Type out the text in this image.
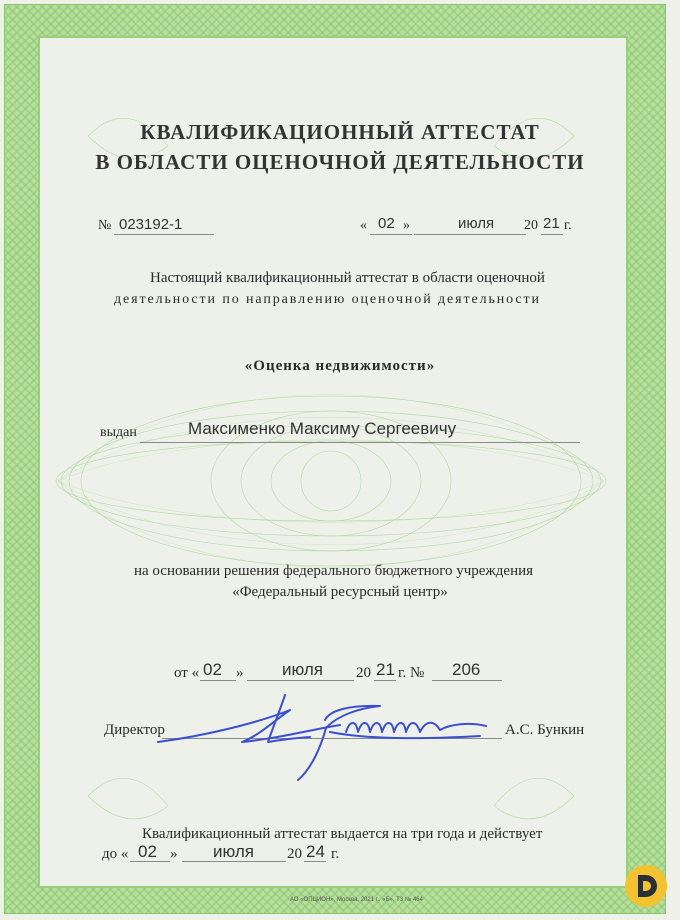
КВАЛИФИКАЦИОННЫЙ АТТЕСТАТ
В ОБЛАСТИ ОЦЕНОЧНОЙ ДЕЯТЕЛЬНОСТИ
№ 023192-1	« 02 »	июля 20 21 г.
Настоящий квалификационный аттестат в области оценочной
деятельности по направлению оценочной деятельности
«Оценка недвижимости»
выдан	Максименко Максиму Сергеевичу
на основании решения федерального бюджетного учреждения
«Федеральный ресурсный центр»
от « 02 » июля 20 21 г. № 206
Директор	А.С. Бункин
Квалификационный аттестат выдается на три года и действует
до « 02 » июля 20 24 г.
АО «ОПЦИОН», Москва, 2021 г., «Б». Т3 № 464
